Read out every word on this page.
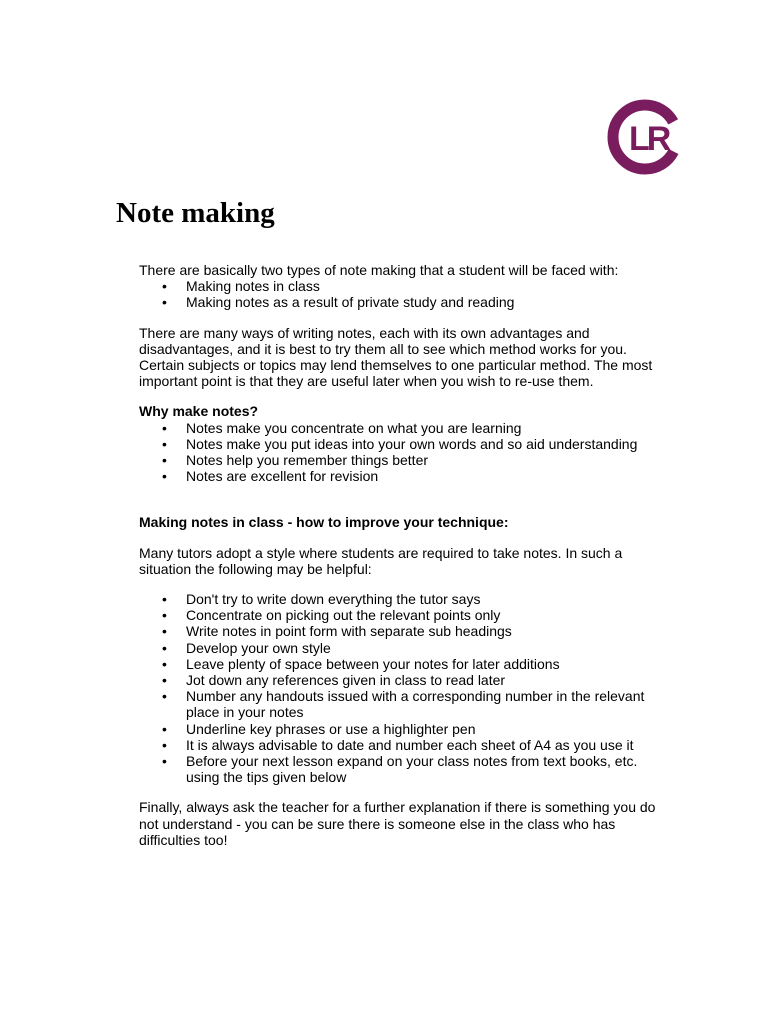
LR
Note making

There are basically two types of note making that a student will be faced with:

• Making notes in class
• Making notes as a result of private study and reading

There are many ways of writing notes, each with its own advantages and disadvantages, and it is best to try them all to see which method works for you. Certain subjects or topics may lend themselves to one particular method. The most important point is that they are useful later when you wish to re-use them.

Why make notes?

• Notes make you concentrate on what you are learning
• Notes make you put ideas into your own words and so aid understanding
• Notes help you remember things better
• Notes are excellent for revision

Making notes in class - how to improve your technique:

Many tutors adopt a style where students are required to take notes. In such a situation the following may be helpful:

• Don't try to write down everything the tutor says
• Concentrate on picking out the relevant points only
• Write notes in point form with separate sub headings
• Develop your own style
• Leave plenty of space between your notes for later additions
• Jot down any references given in class to read later
• Number any handouts issued with a corresponding number in the relevant place in your notes
• Underline key phrases or use a highlighter pen
• It is always advisable to date and number each sheet of A4 as you use it
• Before your next lesson expand on your class notes from text books, etc. using the tips given below

Finally, always ask the teacher for a further explanation if there is something you do not understand - you can be sure there is someone else in the class who has difficulties too!
